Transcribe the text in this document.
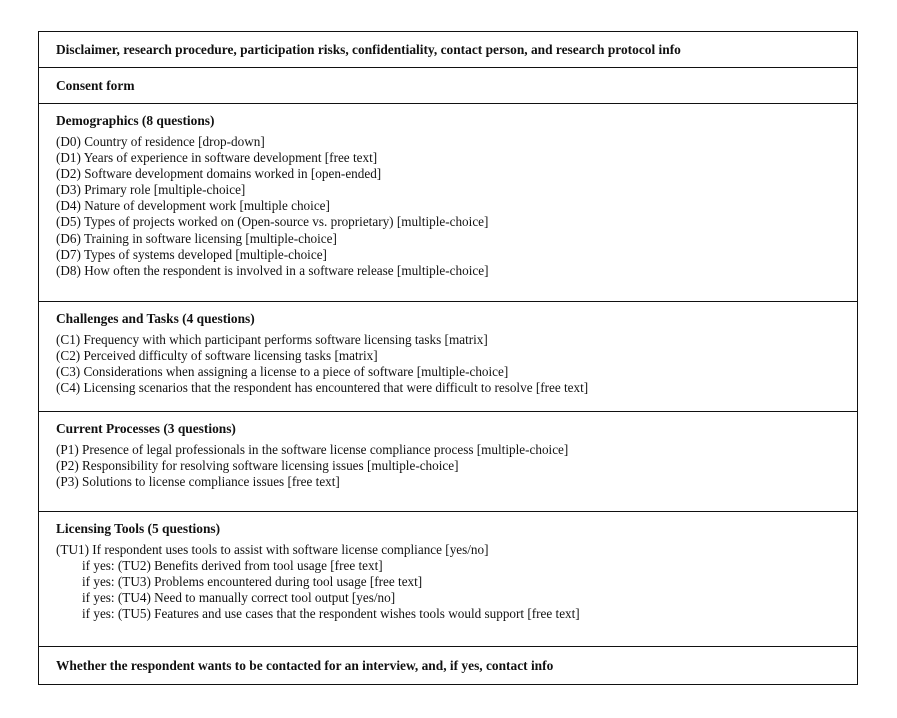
Disclaimer, research procedure, participation risks, confidentiality, contact person, and research protocol info
Consent form
Demographics (8 questions)
(D0) Country of residence [drop-down]
(D1) Years of experience in software development [free text]
(D2) Software development domains worked in [open-ended]
(D3) Primary role [multiple-choice]
(D4) Nature of development work [multiple choice]
(D5) Types of projects worked on (Open-source vs. proprietary) [multiple-choice]
(D6) Training in software licensing [multiple-choice]
(D7) Types of systems developed [multiple-choice]
(D8) How often the respondent is involved in a software release [multiple-choice]
Challenges and Tasks (4 questions)
(C1) Frequency with which participant performs software licensing tasks [matrix]
(C2) Perceived difficulty of software licensing tasks [matrix]
(C3) Considerations when assigning a license to a piece of software [multiple-choice]
(C4) Licensing scenarios that the respondent has encountered that were difficult to resolve [free text]
Current Processes (3 questions)
(P1) Presence of legal professionals in the software license compliance process [multiple-choice]
(P2) Responsibility for resolving software licensing issues [multiple-choice]
(P3) Solutions to license compliance issues [free text]
Licensing Tools (5 questions)
(TU1) If respondent uses tools to assist with software license compliance [yes/no]
if yes: (TU2) Benefits derived from tool usage [free text]
if yes: (TU3) Problems encountered during tool usage [free text]
if yes: (TU4) Need to manually correct tool output [yes/no]
if yes: (TU5) Features and use cases that the respondent wishes tools would support [free text]
Whether the respondent wants to be contacted for an interview, and, if yes, contact info
